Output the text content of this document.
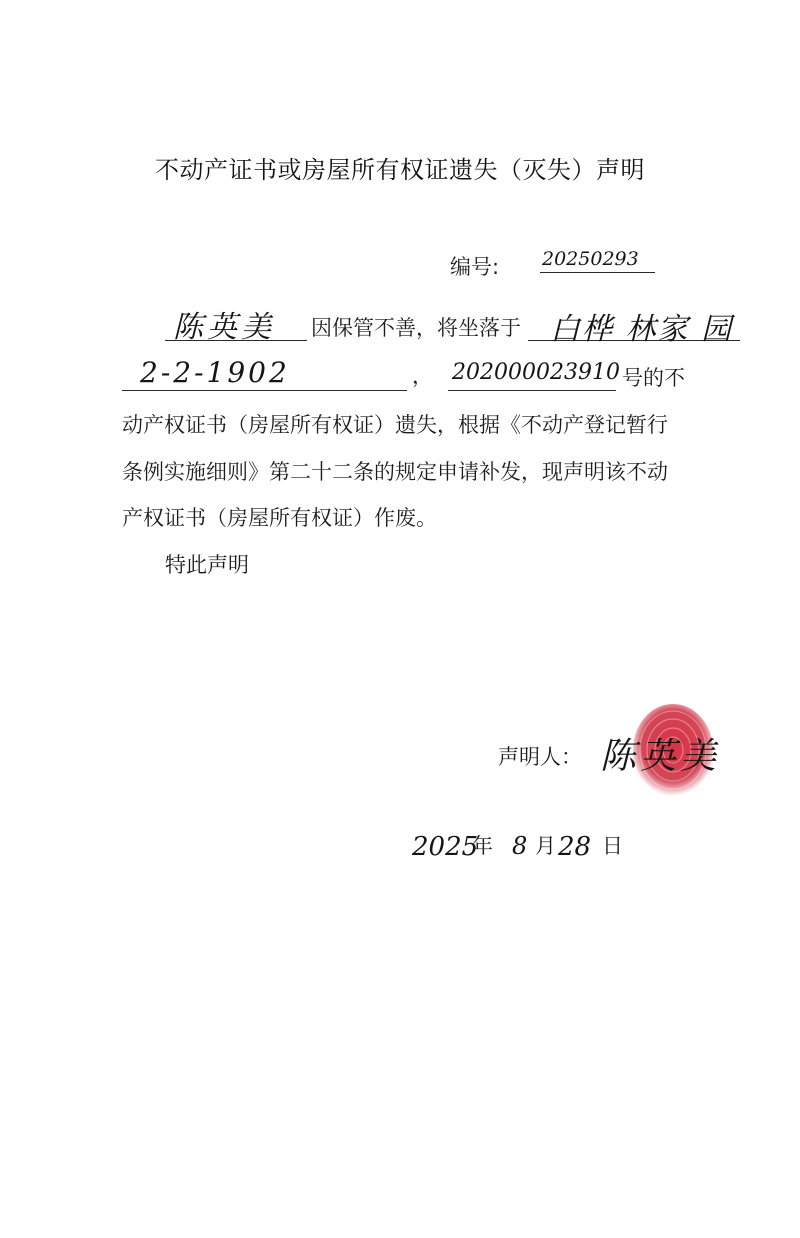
不动产证书或房屋所有权证遗失（灭失）声明
编号: 20250293
陈英美 因保管不善，将坐落于 白桦 林家 园
2-2-1902	， 202000023910 号的不
动产权证书（房屋所有权证）遗失，根据《不动产登记暂行
条例实施细则》第二十二条的规定申请补发，现声明该不动
产权证书（房屋所有权证）作废。
特此声明
声明人： 陈英美
2025
年 8 月 28 日
